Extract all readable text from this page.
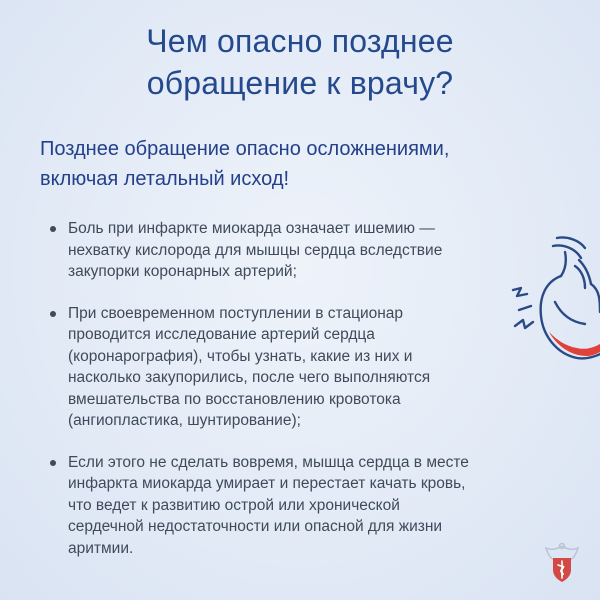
Чем опасно позднее
обращение к врачу?
Позднее обращение опасно осложнениями,
включая летальный исход!
Боль при инфаркте миокарда означает ишемию —
нехватку кислорода для мышцы сердца вследствие
закупорки коронарных артерий;
При своевременном поступлении в стационар
проводится исследование артерий сердца
(коронарография), чтобы узнать, какие из них и
насколько закупорились, после чего выполняются
вмешательства по восстановлению кровотока
(ангиопластика, шунтирование);
Если этого не сделать вовремя, мышца сердца в месте
инфаркта миокарда умирает и перестает качать кровь,
что ведет к развитию острой или хронической
сердечной недостаточности или опасной для жизни
аритмии.
